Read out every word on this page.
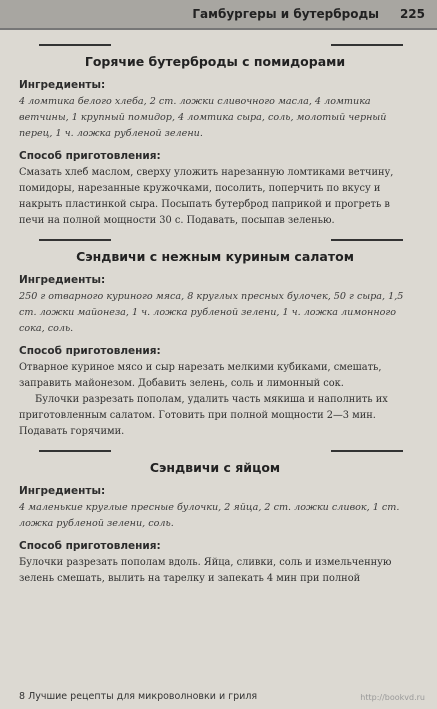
Гамбургеры и бутерброды 225
Горячие бутерброды с помидорами
Ингредиенты:

4 ломтика белого хлеба, 2 ст. ложки сливочного масла, 4 ломтика ветчины, 1 крупный помидор, 4 ломтика сыра, соль, молотый черный перец, 1 ч. ложка рубленой зелени.

Способ приготовления:

Смазать хлеб маслом, сверху уложить нарезанную ломтиками ветчину, помидоры, нарезанные кружочками, посолить, поперчить по вкусу и накрыть пластинкой сыра. Посыпать бутерброд паприкой и прогреть в печи на полной мощности 30 с. Подавать, посыпав зеленью.

Сэндвичи с нежным куриным салатом
Ингредиенты:

250 г отварного куриного мяса, 8 круглых пресных булочек, 50 г сыра, 1,5 ст. ложки майонеза, 1 ч. ложка рубленой зелени, 1 ч. ложка лимонного сока, соль.

Способ приготовления:

Отварное куриное мясо и сыр нарезать мелкими кубиками, смешать, заправить майонезом. Добавить зелень, соль и лимонный сок.

Булочки разрезать пополам, удалить часть мякиша и наполнить их приготовленным салатом. Готовить при полной мощности 2—3 мин. Подавать горячими.

Сэндвичи с яйцом
Ингредиенты:

4 маленькие круглые пресные булочки, 2 яйца, 2 ст. ложки сливок, 1 ст. ложка рубленой зелени, соль.

Способ приготовления:

Булочки разрезать пополам вдоль. Яйца, сливки, соль и измельченную зелень смешать, вылить на тарелку и запекать 4 мин при полной

8 Лучшие рецепты для микроволновки и гриля	http://bookvd.ru
